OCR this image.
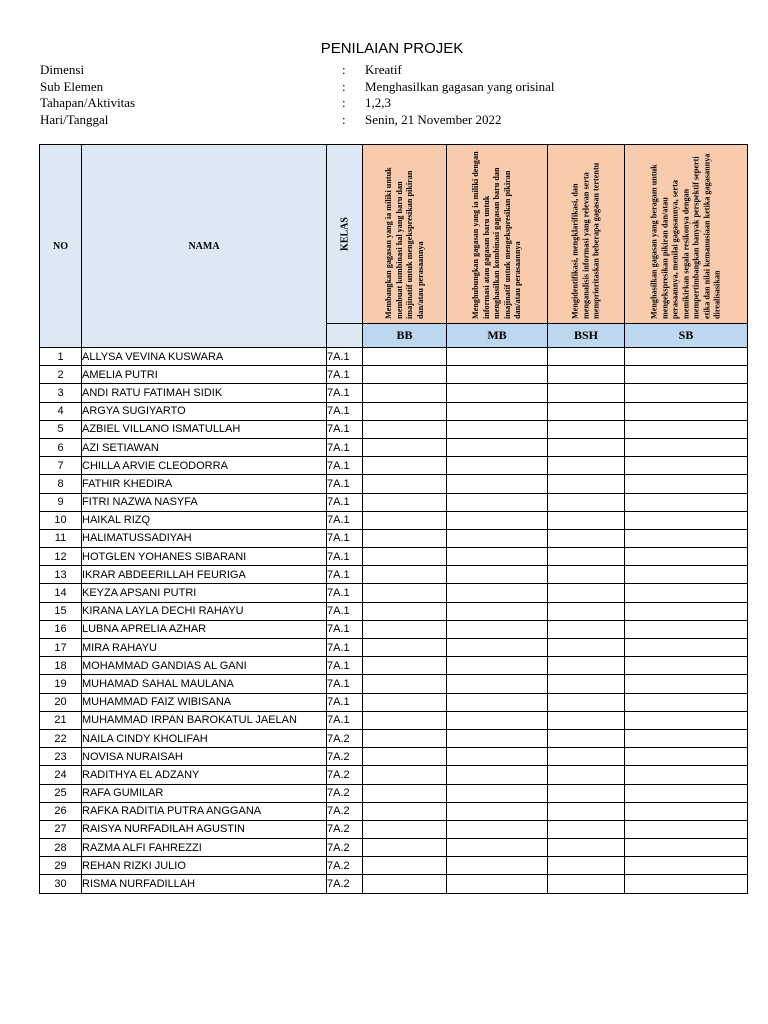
PENILAIAN PROJEK
Dimensi	: Kreatif
Sub Elemen	: Menghasilkan gagasan yang orisinal
Tahapan/Aktivitas	: 1,2,3
Hari/Tanggal	: Senin, 21 November 2022
NO	NAMA	KELAS	Membangkan gagasan yang ia miliki untuk membuat kombinasi hal yang baru dan imajinatif untuk mengekspresikan pikiran dan/atau perasaannya	Menghubungkan gagasan yang ia miliki dengan informasi atau gagasan baru untuk menghasilkan kombinasi gagasan baru dan imajinatif untuk mengekspresikan pikiran dan/atau perasaannya	Mengidentifikasi, mengklarifikasi, dan menganalisis informasi yang relevan serta memprioritaskan beberapa gagasan tertentu	Menghasilkan gagasan yang beragam untuk mengekspresikan pikiran dan/atau perasaannya, menilai gagasannya, serta memikirkan segala resikonya dengan mempertimbangkan banyak perspektif seperti etika dan nilai kemanusiaan ketika gagasannya direalisasikan

			BB	MB	BSH	SB
1	ALLYSA VEVINA KUSWARA	7A.1				
2	AMELIA PUTRI	7A.1				
3	ANDI RATU FATIMAH SIDIK	7A.1				
4	ARGYA SUGIYARTO	7A.1				
5	AZBIEL VILLANO ISMATULLAH	7A.1				
6	AZI SETIAWAN	7A.1				
7	CHILLA ARVIE CLEODORRA	7A.1				
8	FATHIR KHEDIRA	7A.1				
9	FITRI NAZWA NASYFA	7A.1				
10	HAIKAL RIZQ	7A.1				
11	HALIMATUSSADIYAH	7A.1				
12	HOTGLEN YOHANES SIBARANI	7A.1				
13	IKRAR ABDEERILLAH FEURIGA	7A.1				
14	KEYZA APSANI PUTRI	7A.1				
15	KIRANA LAYLA DECHI RAHAYU	7A.1				
16	LUBNA APRELIA AZHAR	7A.1				
17	MIRA RAHAYU	7A.1				
18	MOHAMMAD GANDIAS AL GANI	7A.1				
19	MUHAMAD SAHAL MAULANA	7A.1				
20	MUHAMMAD FAIZ WIBISANA	7A.1				
21	MUHAMMAD IRPAN BAROKATUL JAELAN	7A.1				
22	NAILA CINDY KHOLIFAH	7A.2				
23	NOVISA NURAISAH	7A.2				
24	RADITHYA EL ADZANY	7A.2				
25	RAFA GUMILAR	7A.2				
26	RAFKA RADITIA PUTRA ANGGANA	7A.2				
27	RAISYA NURFADILAH AGUSTIN	7A.2				
28	RAZMA ALFI FAHREZZI	7A.2				
29	REHAN RIZKI JULIO	7A.2				
30	RISMA NURFADILLAH	7A.2				
